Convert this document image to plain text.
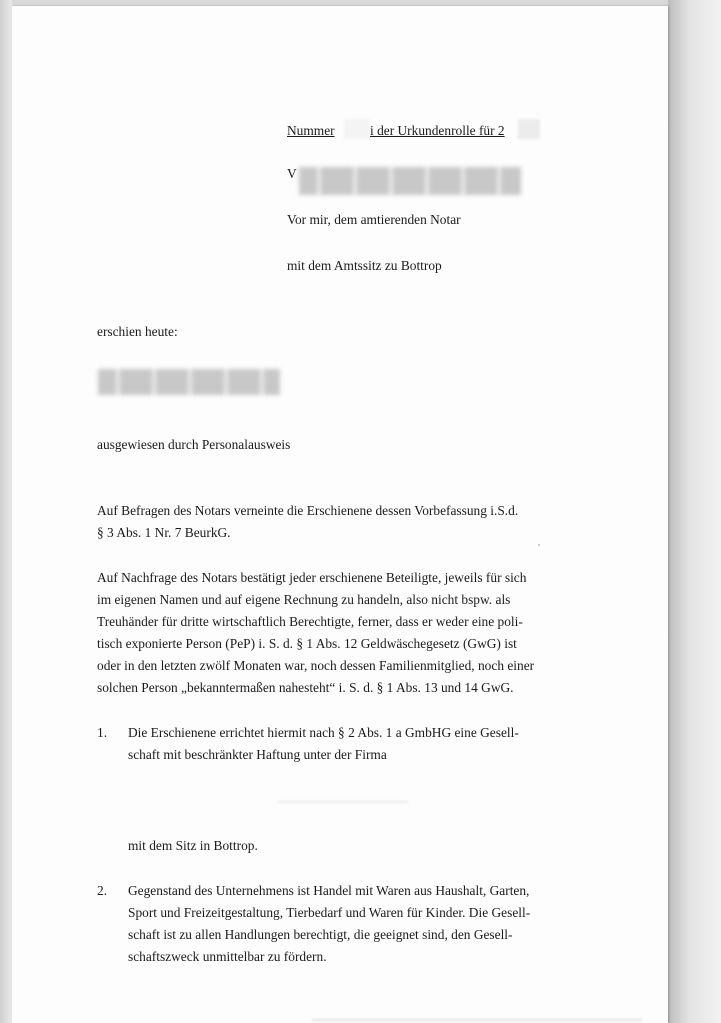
Nummer	i der Urkundenrolle für 2
V
Vor mir, dem amtierenden Notar
mit dem Amtssitz zu Bottrop
erschien heute:
ausgewiesen durch Personalausweis
Auf Befragen des Notars verneinte die Erschienene dessen Vorbefassung i.S.d.
§ 3 Abs. 1 Nr. 7 BeurkG.
Auf Nachfrage des Notars bestätigt jeder erschienene Beteiligte, jeweils für sich
im eigenen Namen und auf eigene Rechnung zu handeln, also nicht bspw. als
Treuhänder für dritte wirtschaftlich Berechtigte, ferner, dass er weder eine poli-
tisch exponierte Person (PeP) i. S. d. § 1 Abs. 12 Geldwäschegesetz (GwG) ist
oder in den letzten zwölf Monaten war, noch dessen Familienmitglied, noch einer
solchen Person „bekanntermaßen nahesteht“ i. S. d. § 1 Abs. 13 und 14 GwG.
1. Die Erschienene errichtet hiermit nach § 2 Abs. 1 a GmbHG eine Gesell-
schaft mit beschränkter Haftung unter der Firma
mit dem Sitz in Bottrop.
2. Gegenstand des Unternehmens ist Handel mit Waren aus Haushalt, Garten,
Sport und Freizeitgestaltung, Tierbedarf und Waren für Kinder. Die Gesell-
schaft ist zu allen Handlungen berechtigt, die geeignet sind, den Gesell-
schaftszweck unmittelbar zu fördern.
